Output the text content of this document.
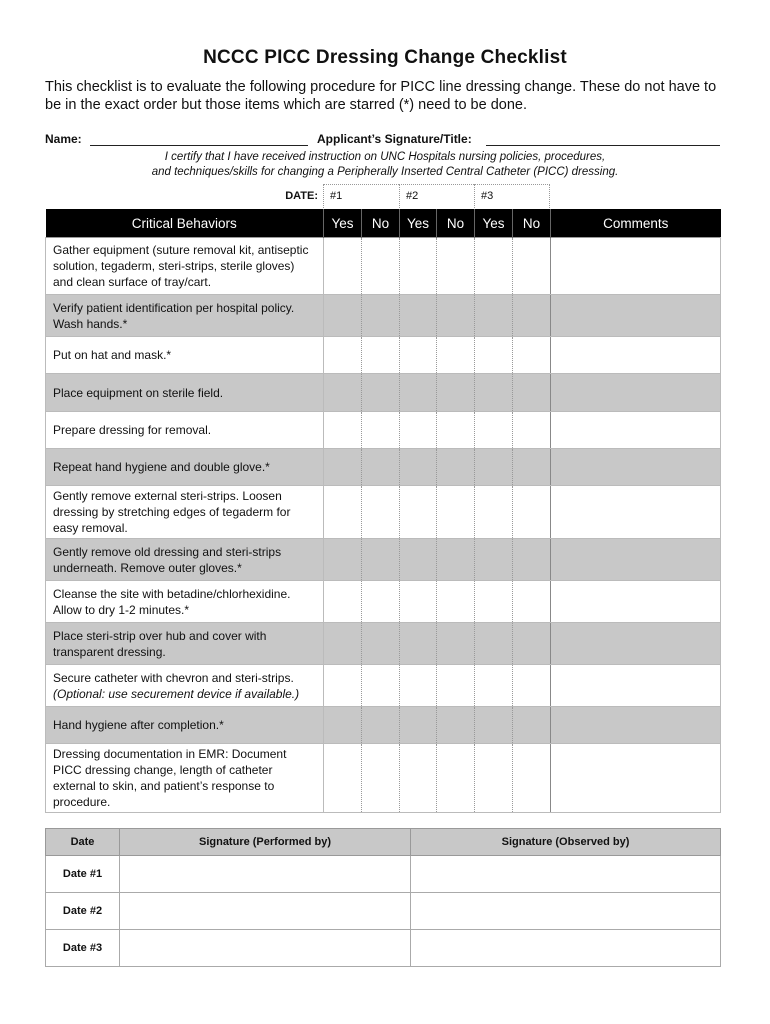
NCCC PICC Dressing Change Checklist
This checklist is to evaluate the following procedure for PICC line dressing change. These do not have to be in the exact order but those items which are starred (*) need to be done.
Name:	Applicant’s Signature/Title:
I certify that I have received instruction on UNC Hospitals nursing policies, procedures,
and techniques/skills for changing a Peripherally Inserted Central Catheter (PICC) dressing.
DATE:	#1	#2	#3
Critical Behaviors	Yes	No	Yes	No	Yes	No	Comments
Gather equipment (suture removal kit, antiseptic solution, tegaderm, steri-strips, sterile gloves) and clean surface of tray/cart.							
Verify patient identification per hospital policy. Wash hands.*							
Put on hat and mask.*							
Place equipment on sterile field.							
Prepare dressing for removal.							
Repeat hand hygiene and double glove.*							
Gently remove external steri-strips. Loosen dressing by stretching edges of tegaderm for easy removal.							
Gently remove old dressing and steri-strips underneath. Remove outer gloves.*							
Cleanse the site with betadine/chlorhexidine. Allow to dry 1-2 minutes.*							
Place steri-strip over hub and cover with transparent dressing.							

Secure catheter with chevron and steri-strips.
(Optional: use securement device if available.)							

Hand hygiene after completion.*							
Dressing documentation in EMR: Document PICC dressing change, length of catheter external to skin, and patient’s response to procedure.							
Date	Signature (Performed by)	Signature (Observed by)
Date #1		
Date #2		
Date #3		
